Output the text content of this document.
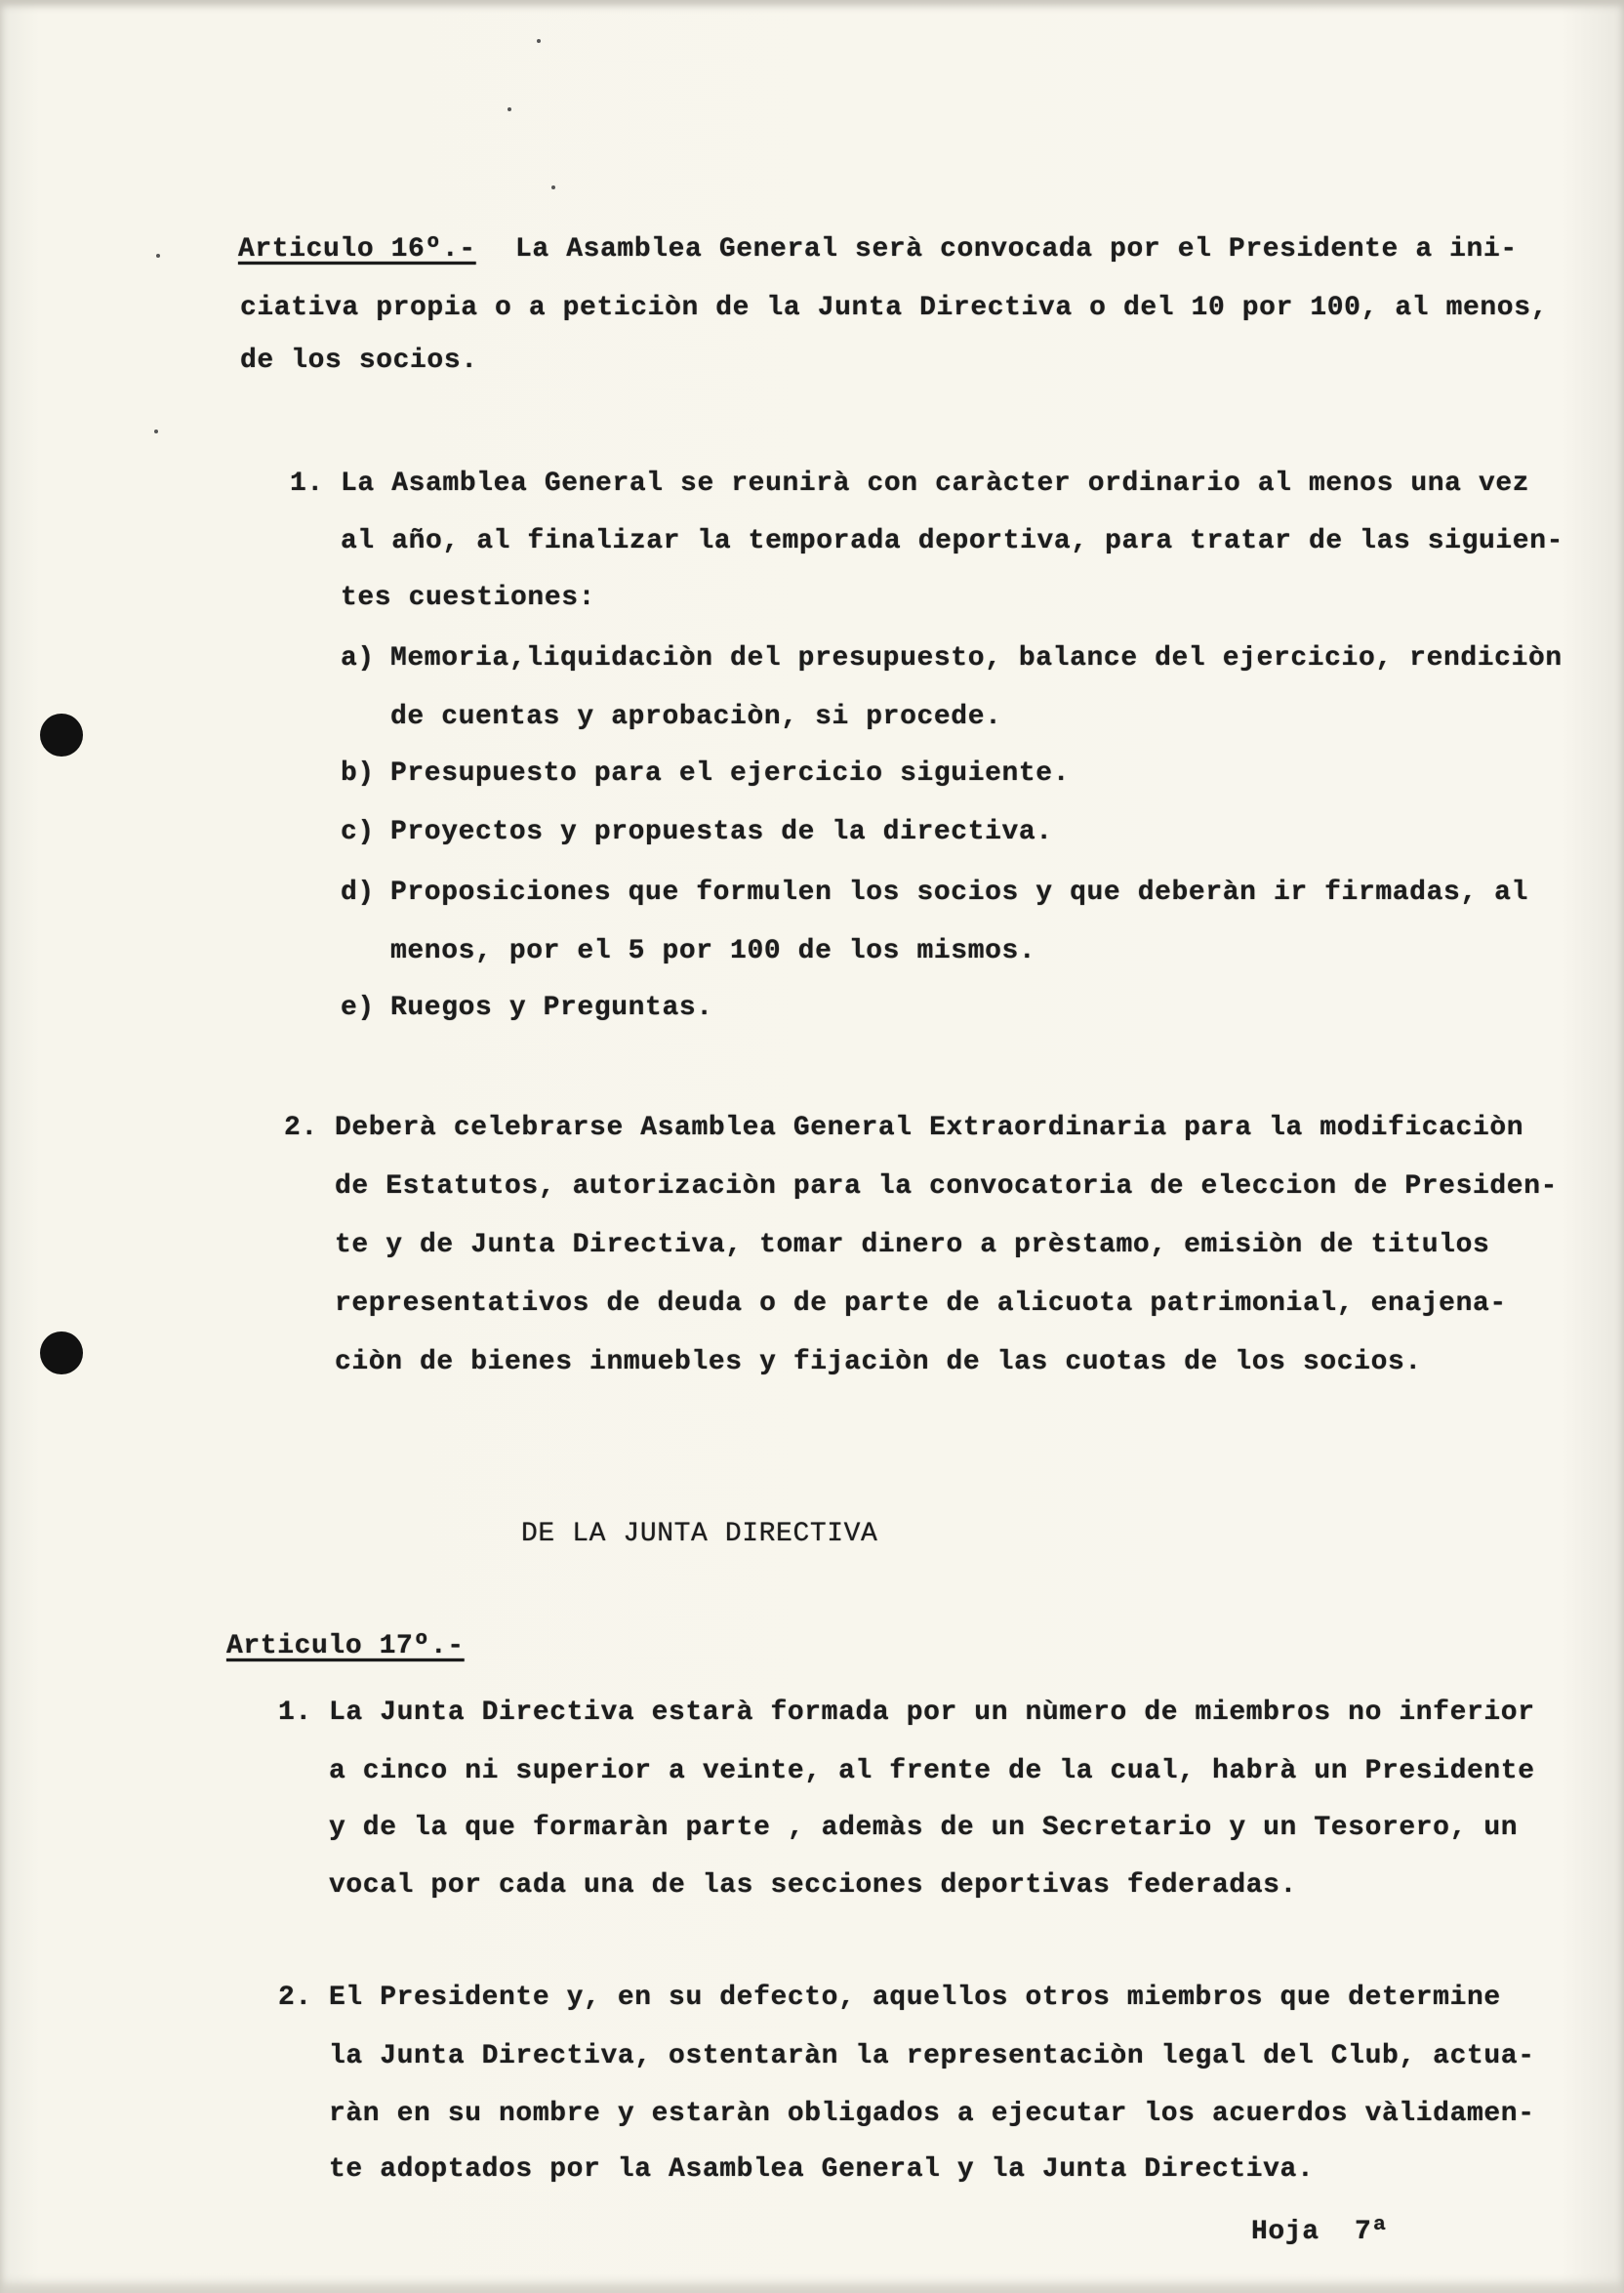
Articulo 16º.- La Asamblea General serà convocada por el Presidente a ini-
ciativa propia o a peticiòn de la Junta Directiva o del 10 por 100, al menos,
de los socios.
1. La Asamblea General se reunirà con caràcter ordinario al menos una vez
al año, al finalizar la temporada deportiva, para tratar de las siguien-
tes cuestiones:
a) Memoria,liquidaciòn del presupuesto, balance del ejercicio, rendiciòn
de cuentas y aprobaciòn, si procede.
b) Presupuesto para el ejercicio siguiente.
c) Proyectos y propuestas de la directiva.
d) Proposiciones que formulen los socios y que deberàn ir firmadas, al
menos, por el 5 por 100 de los mismos.
e) Ruegos y Preguntas.
2. Deberà celebrarse Asamblea General Extraordinaria para la modificaciòn
de Estatutos, autorizaciòn para la convocatoria de eleccion de Presiden-
te y de Junta Directiva, tomar dinero a prèstamo, emisiòn de titulos
representativos de deuda o de parte de alicuota patrimonial, enajena-
ciòn de bienes inmuebles y fijaciòn de las cuotas de los socios.
DE LA JUNTA DIRECTIVA
Articulo 17º.-
1. La Junta Directiva estarà formada por un nùmero de miembros no inferior
a cinco ni superior a veinte, al frente de la cual, habrà un Presidente
y de la que formaràn parte , ademàs de un Secretario y un Tesorero, un
vocal por cada una de las secciones deportivas federadas.
2. El Presidente y, en su defecto, aquellos otros miembros que determine
la Junta Directiva, ostentaràn la representaciòn legal del Club, actua-
ràn en su nombre y estaràn obligados a ejecutar los acuerdos vàlidamen-
te adoptados por la Asamblea General y la Junta Directiva.
Hoja 7ª
